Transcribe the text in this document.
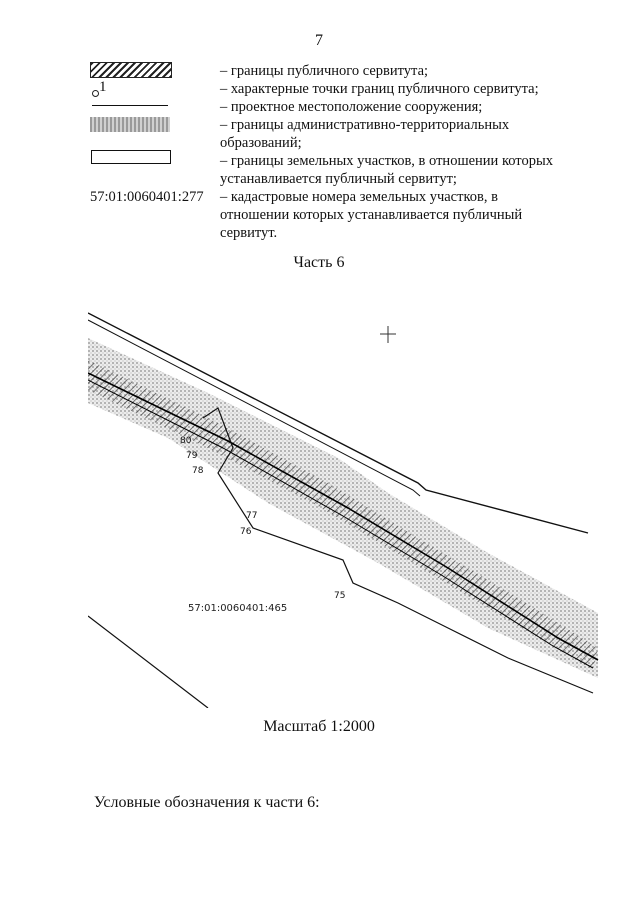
7
– границы публичного сервитута;
1	– характерные точки границ публичного сервитута;
– проектное местоположение сооружения;
– границы административно-территориальных образований;
– границы земельных участков, в отношении которых устанавливается публичный сервитут;
57:01:0060401:277 – кадастровые номера земельных участков, в отношении которых устанавливается публичный сервитут.
Часть 6
80
79
78
77
76
75
57:01:0060401:465
Масштаб 1:2000
Условные обозначения к части 6:
